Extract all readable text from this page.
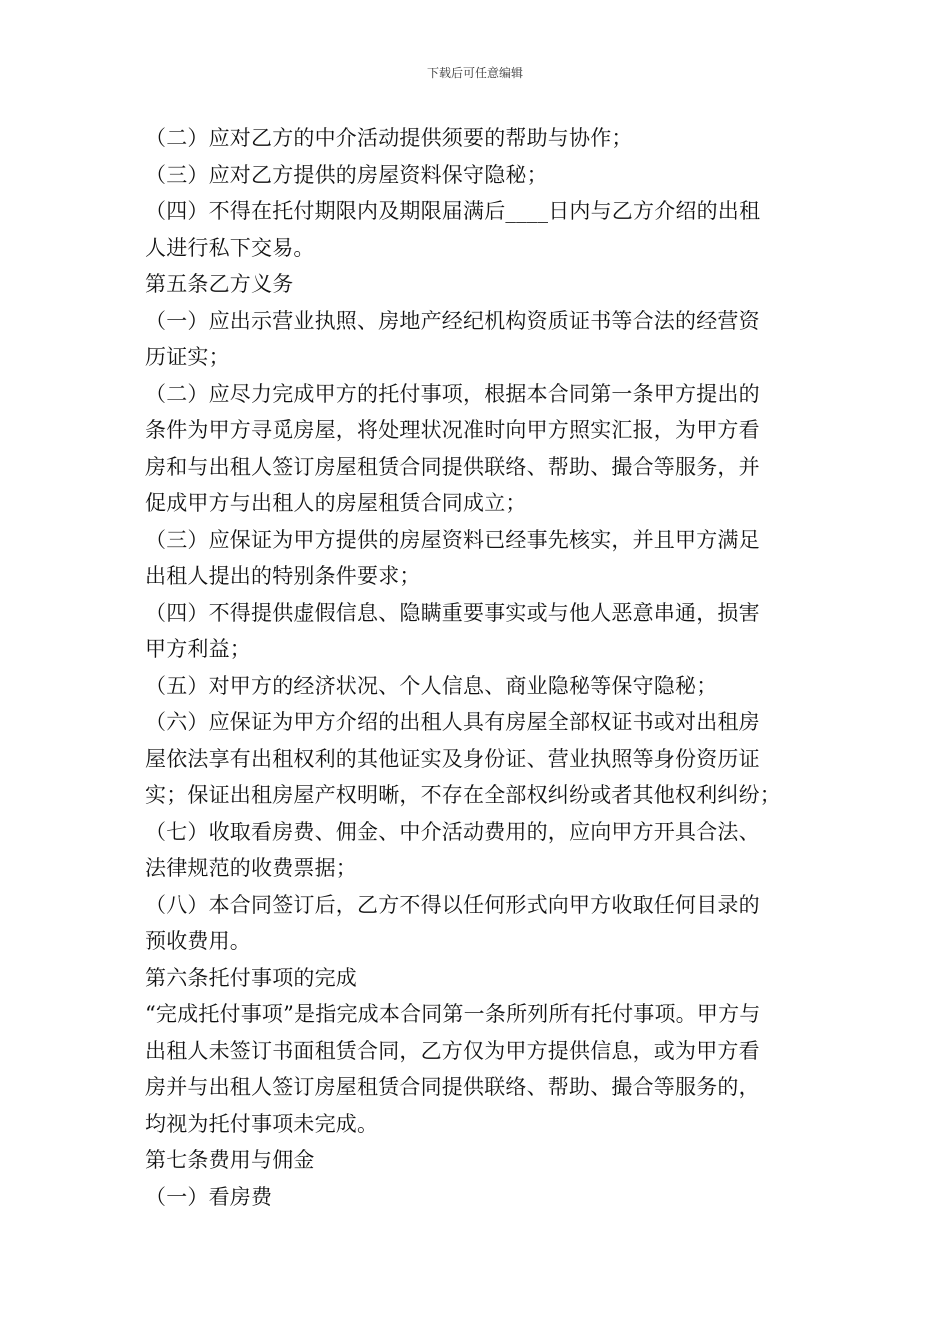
下载后可任意编辑
（二）应对乙方的中介活动提供须要的帮助与协作；
（三）应对乙方提供的房屋资料保守隐秘；
（四）不得在托付期限内及期限届满后____日内与乙方介绍的出租
人进行私下交易。
第五条乙方义务
（一）应出示营业执照、房地产经纪机构资质证书等合法的经营资
历证实；
（二）应尽力完成甲方的托付事项，根据本合同第一条甲方提出的
条件为甲方寻觅房屋，将处理状况准时向甲方照实汇报，为甲方看
房和与出租人签订房屋租赁合同提供联络、帮助、撮合等服务，并
促成甲方与出租人的房屋租赁合同成立；
（三）应保证为甲方提供的房屋资料已经事先核实，并且甲方满足
出租人提出的特别条件要求；
（四）不得提供虚假信息、隐瞒重要事实或与他人恶意串通，损害
甲方利益；
（五）对甲方的经济状况、个人信息、商业隐秘等保守隐秘；
（六）应保证为甲方介绍的出租人具有房屋全部权证书或对出租房
屋依法享有出租权利的其他证实及身份证、营业执照等身份资历证
实；保证出租房屋产权明晰，不存在全部权纠纷或者其他权利纠纷；
（七）收取看房费、佣金、中介活动费用的，应向甲方开具合法、
法律规范的收费票据；
（八）本合同签订后，乙方不得以任何形式向甲方收取任何目录的
预收费用。
第六条托付事项的完成
“完成托付事项”是指完成本合同第一条所列所有托付事项。甲方与
出租人未签订书面租赁合同，乙方仅为甲方提供信息，或为甲方看
房并与出租人签订房屋租赁合同提供联络、帮助、撮合等服务的，
均视为托付事项未完成。
第七条费用与佣金
（一）看房费
